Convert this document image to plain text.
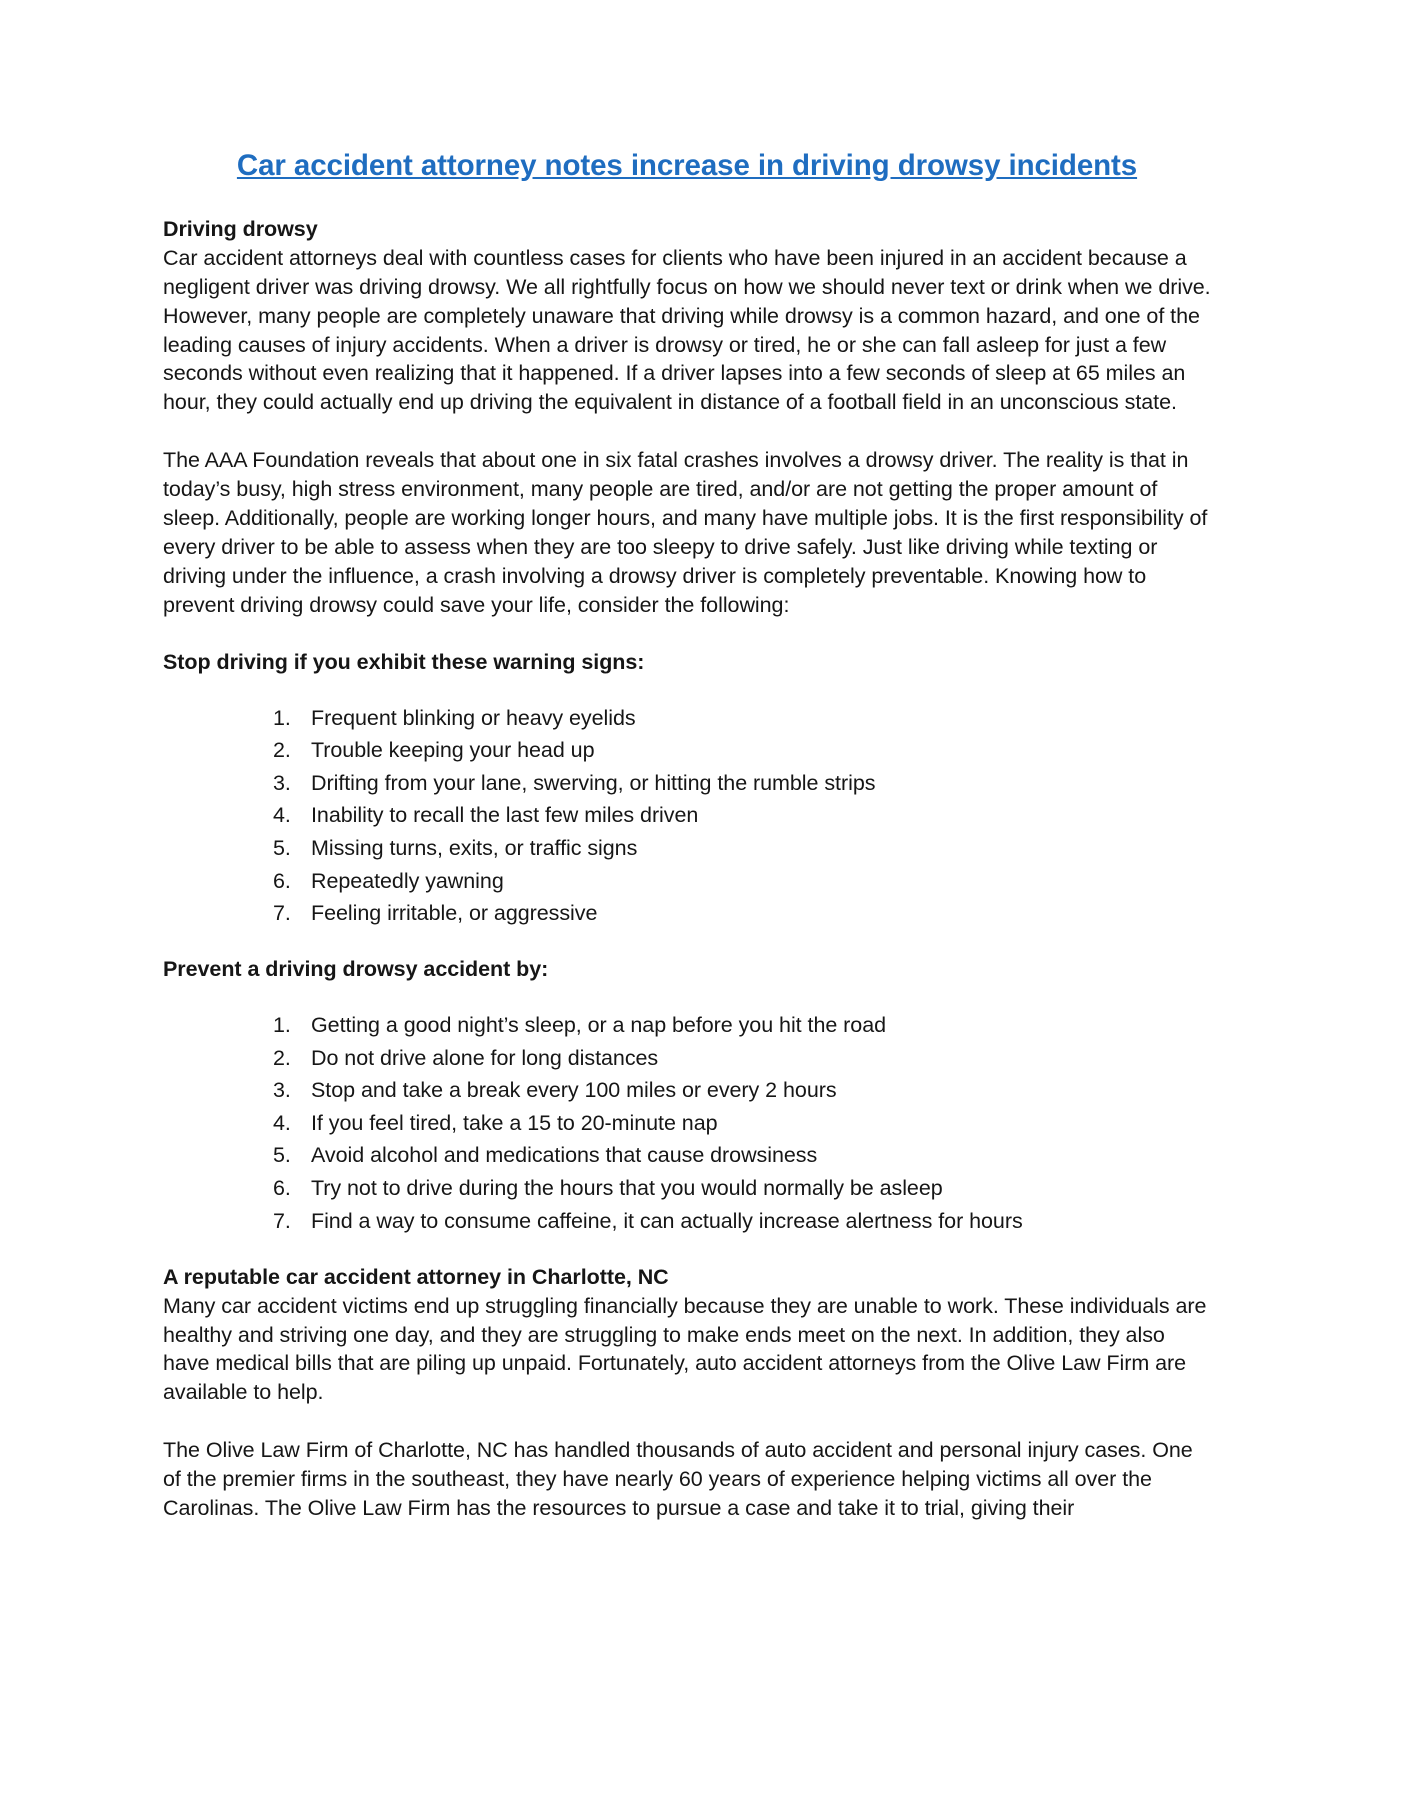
Car accident attorney notes increase in driving drowsy incidents
Driving drowsy

Car accident attorneys deal with countless cases for clients who have been injured in an accident because a negligent driver was driving drowsy. We all rightfully focus on how we should never text or drink when we drive. However, many people are completely unaware that driving while drowsy is a common hazard, and one of the leading causes of injury accidents. When a driver is drowsy or tired, he or she can fall asleep for just a few seconds without even realizing that it happened. If a driver lapses into a few seconds of sleep at 65 miles an hour, they could actually end up driving the equivalent in distance of a football field in an unconscious state.

The AAA Foundation reveals that about one in six fatal crashes involves a drowsy driver. The reality is that in today’s busy, high stress environment, many people are tired, and/or are not getting the proper amount of sleep. Additionally, people are working longer hours, and many have multiple jobs. It is the first responsibility of every driver to be able to assess when they are too sleepy to drive safely. Just like driving while texting or driving under the influence, a crash involving a drowsy driver is completely preventable. Knowing how to prevent driving drowsy could save your life, consider the following:

Stop driving if you exhibit these warning signs:
Frequent blinking or heavy eyelids
Trouble keeping your head up
Drifting from your lane, swerving, or hitting the rumble strips
Inability to recall the last few miles driven
Missing turns, exits, or traffic signs
Repeatedly yawning
Feeling irritable, or aggressive
Prevent a driving drowsy accident by:
Getting a good night’s sleep, or a nap before you hit the road
Do not drive alone for long distances
Stop and take a break every 100 miles or every 2 hours
If you feel tired, take a 15 to 20-minute nap
Avoid alcohol and medications that cause drowsiness
Try not to drive during the hours that you would normally be asleep
Find a way to consume caffeine, it can actually increase alertness for hours
A reputable car accident attorney in Charlotte, NC

Many car accident victims end up struggling financially because they are unable to work. These individuals are healthy and striving one day, and they are struggling to make ends meet on the next. In addition, they also have medical bills that are piling up unpaid. Fortunately, auto accident attorneys from the Olive Law Firm are available to help.

The Olive Law Firm of Charlotte, NC has handled thousands of auto accident and personal injury cases. One of the premier firms in the southeast, they have nearly 60 years of experience helping victims all over the Carolinas. The Olive Law Firm has the resources to pursue a case and take it to trial, giving their
